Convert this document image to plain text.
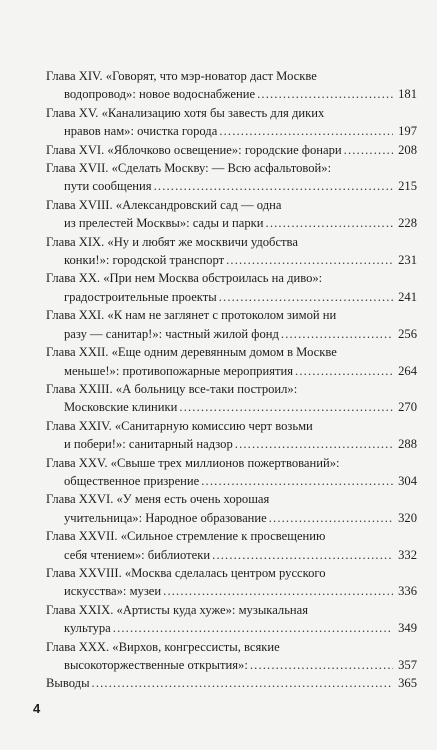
Глава XIV. «Говорят, что мэр-новатор даст Москве
водопровод»: новое водоснабжение . . .	181
Глава XV. «Канализацию хотя бы завесть для диких
нравов нам»: очистка города . . .	197
Глава XVI. «Яблочково освещение»: городские фонари . . .	208
Глава XVII. «Сделать Москву: — Всю асфальтовой»:
пути сообщения . . .	215
Глава XVIII. «Александровский сад — одна
из прелестей Москвы»: сады и парки . . .	228
Глава XIX. «Ну и любят же москвичи удобства
конки!»: городской транспорт . . .	231
Глава XX. «При нем Москва обстроилась на диво»:
градостроительные проекты . . .	241
Глава XXI. «К нам не заглянет с протоколом зимой ни
разу — санитар!»: частный жилой фонд . . .	256
Глава XXII. «Еще одним деревянным домом в Москве
меньше!»: противопожарные мероприятия . . .	264
Глава XXIII. «А больницу все-таки построил»:
Московские клиники . . .	270
Глава XXIV. «Санитарную комиссию черт возьми
и побери!»: санитарный надзор . . .	288
Глава XXV. «Свыше трех миллионов пожертвований»:
общественное призрение . . .	304
Глава XXVI. «У меня есть очень хорошая
учительница»: Народное образование . . .	320
Глава XXVII. «Сильное стремление к просвещению
себя чтением»: библиотеки . . .	332
Глава XXVIII. «Москва сделалась центром русского
искусства»: музеи . . .	336
Глава XXIX. «Артисты куда хуже»: музыкальная
культура . . .	349
Глава XXX. «Вирхов, конгрессисты, всякие
высокоторжественные открытия»: . . .	357
Выводы . . .	365
4
